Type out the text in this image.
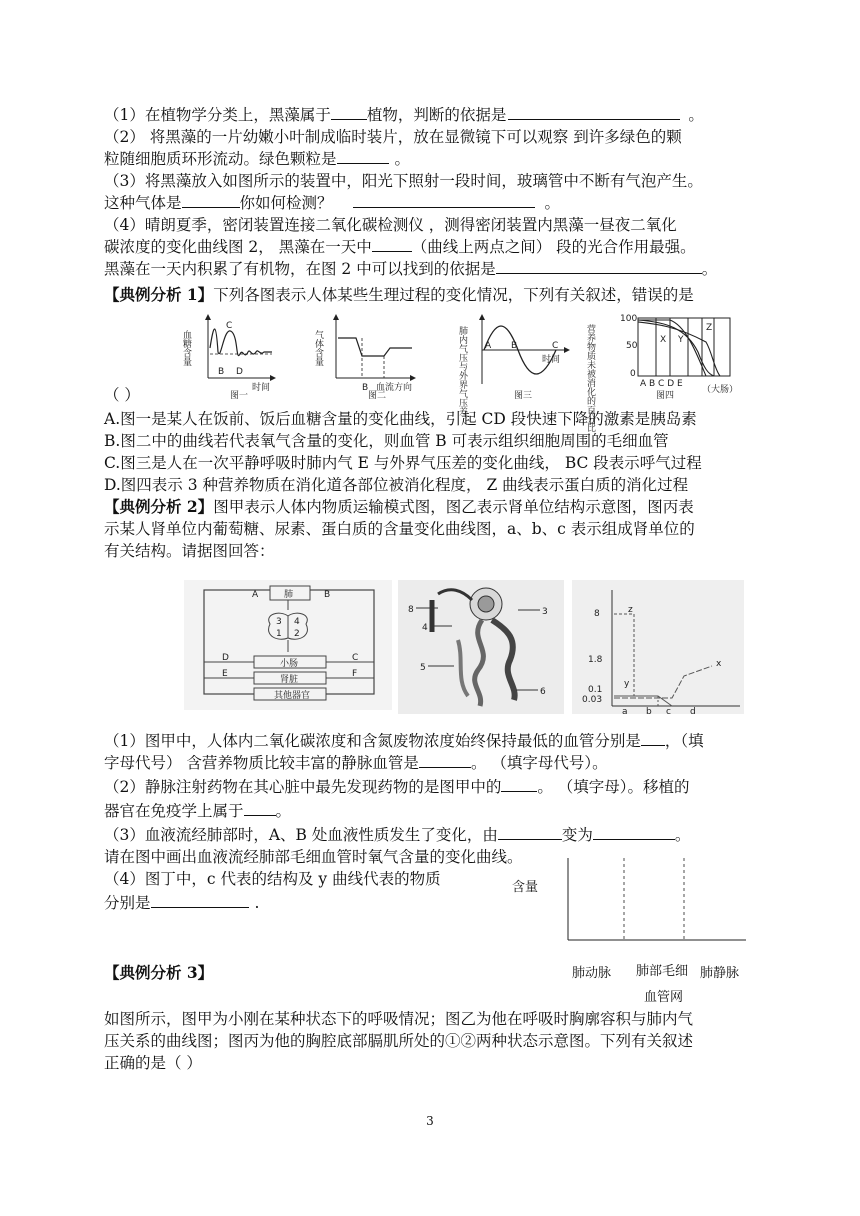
（1）在植物学分类上，黑藻属于 植物，判断的依据是	。
（2） 将黑藻的一片幼嫩小叶制成临时装片，放在显微镜下可以观察 到许多绿色的颗
粒随细胞质环形流动。绿色颗粒是	。
（3）将黑藻放入如图所示的装置中，阳光下照射一段时间，玻璃管中不断有气泡产生。
这种气体是	你如何检测？	。
（4）晴朗夏季，密闭装置连接二氧化碳检测仪 ，测得密闭装置内黑藻一昼夜二氧化
碳浓度的变化曲线图 2， 黑藻在一天中	（曲线上两点之间） 段的光合作用最强。
黑藻在一天内积累了有机物，在图 2 中可以找到的依据是	。
【典例分析 1】下列各图表示人体某些生理过程的变化情况，下列有关叙述，错误的是
C
B D
血糖含量
时间
图一
气体含量
B 血流方向
图二	肺内气压与外界气压差 A B	C
时间
图三	营养物质未被消化的百分比
100
50
0
X Y
Z
A B C D E
（大肠）
图四
（ ）
A.图一是某人在饭前、饭后血糖含量的变化曲线，引起 CD 段快速下降的激素是胰岛素
B.图二中的曲线若代表氧气含量的变化，则血管 B 可表示组织细胞周围的毛细血管
C.图三是人在一次平静呼吸时肺内气 E 与外界气压差的变化曲线， BC 段表示呼气过程
D.图四表示 3 种营养物质在消化道各部位被消化程度， Z 曲线表示蛋白质的消化过程
【典例分析 2】图甲表示人体内物质运输模式图，图乙表示肾单位结构示意图，图丙表
示某人肾单位内葡萄糖、尿素、蛋白质的含量变化曲线图，a、b、c 表示组成肾单位的
有关结构。请据图回答：
肺
A	B
3 4
1 2
小肠
肾脏
其他器官
D	C
E	F
8	3
4
5
6
8
1.8
0.1
0.03
z
y
x
a b c d
（1）图甲中，人体内二氧化碳浓度和含氮废物浓度始终保持最低的血管分别是 ，（填
字母代号） 含营养物质比较丰富的静脉血管是	。 （填字母代号）。
（2）静脉注射药物在其心脏中最先发现药物的是图甲中的 。 （填字母）。移植的
器官在免疫学上属于 。
（3）血液流经肺部时，A、B 处血液性质发生了变化，由	变为	。
请在图中画出血液流经肺部毛细血管时氧气含量的变化曲线。
（4）图丁中，c 代表的结构及 y 曲线代表的物质
分别是	.
含量
肺动脉 肺部毛细
血管网
肺静脉
【典例分析 3】
如图所示，图甲为小刚在某种状态下的呼吸情况；图乙为他在呼吸时胸廓容积与肺内气
压关系的曲线图；图丙为他的胸腔底部膈肌所处的①②两种状态示意图。下列有关叙述
正确的是（ ）
3
